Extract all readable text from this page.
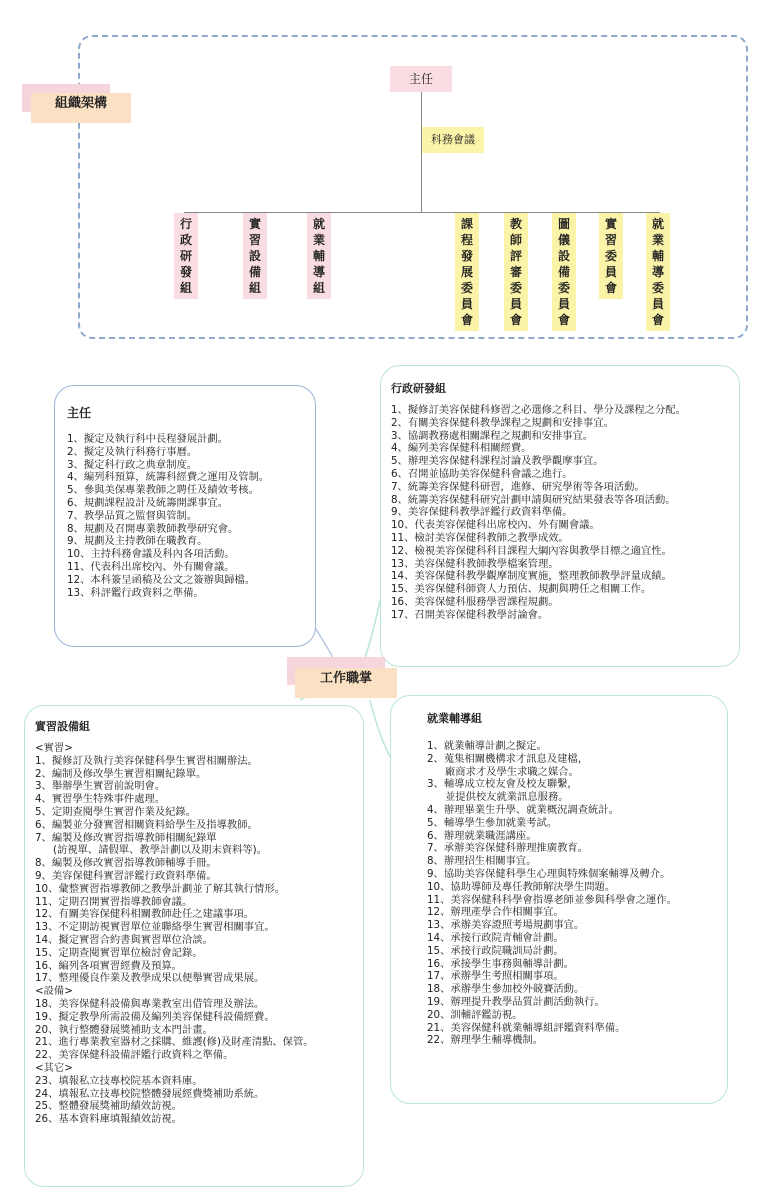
組織架構
主任
科務會議
行
政
研
發
組
實
習
設
備
組
就
業
輔
導
組
課
程
發
展
委
員
會
教
師
評
審
委
員
會
圖
儀
設
備
委
員
會
實
習
委
員
會
就
業
輔
導
委
員
會
主任
1、擬定及執行科中長程發展計劃。
2、擬定及執行科務行事曆。
3、擬定科行政之典章制度。
4、編列科預算，統籌科經費之運用及管制。
5、參與美保專業教師之聘任及績效考核。
6、規劃課程設計及統籌開課事宜。
7、教學品質之監督與管制。
8、規劃及召開專業教師教學研究會。
9、規劃及主持教師在職教育。
10、主持科務會議及科內各項活動。
11、代表科出席校內、外有關會議。
12、本科簽呈函稿及公文之簽辦與歸檔。
13、科評鑑行政資料之準備。
行政研發組
1、擬修訂美容保健科修習之必選修之科目、學分及課程之分配。
2、有關美容保健科教學課程之規劃和安排事宜。
3、協調教務處相關課程之規劃和安排事宜。
4、編列美容保健科相關經費。
5、辦理美容保健科課程討論及教學觀摩事宜。
6、召開並協助美容保健科會議之進行。
7、統籌美容保健科研習，進修、研究學術等各項活動。
8、統籌美容保健科研究計劃申請與研究結果發表等各項活動。
9、美容保健科教學評鑑行政資料準備。
10、代表美容保健科出席校內、外有關會議。
11、檢討美容保健科教師之教學成效。
12、檢視美容保健科科目課程大綱內容與教學目標之適宜性。
13、美容保健科教師教學檔案管理。
14、美容保健科教學觀摩制度實施，整理教師教學評量成績。
15、美容保健科師資人力預估、規劃與聘任之相關工作。
16、美容保健科服務學習課程規劃。
17、召開美容保健科教學討論會。
工作職掌
實習設備組
<實習>
1、擬修訂及執行美容保健科學生實習相關辦法。
2、編制及修改學生實習相關紀錄單。
3、舉辦學生實習前說明會。
4、實習學生特殊事件處理。
5、定期查閱學生實習作業及紀錄。
6、編製並分發實習相關資料給學生及指導教師。
7、編製及修改實習指導教師相關紀錄單
(訪視單、請假單、教學計劃以及期末資料等)。
8、編製及修改實習指導教師輔導手冊。
9、美容保健科實習評鑑行政資料準備。
10、彙整實習指導教師之教學計劃並了解其執行情形。
11、定期召開實習指導教師會議。
12、有關美容保健科相關教師赴任之建議事項。
13、不定期訪視實習單位並聯絡學生實習相關事宜。
14、擬定實習合約書與實習單位洽談。
15、定期查閱實習單位檢討會記錄。
16、編列各項實習經費及預算。
17、整理優良作業及教學成果以便舉實習成果展。
<設備>
18、美容保健科設備與專業教室出借管理及辦法。
19、擬定教學所需設備及編列美容保健科設備經費。
20、執行整體發展獎補助支本門計畫。
21、進行專業教室器材之採購、維護(修)及財產清點、保管。
22、美容保健科設備評鑑行政資料之準備。
<其它>
23、填報私立技專校院基本資料庫。
24、填報私立技專校院整體發展經費獎補助系統。
25、整體發展獎補助績效訪視。
26、基本資料庫填報績效訪視。
就業輔導組
1、就業輔導計劃之擬定。
2、蒐集相關機構求才訊息及建檔，
廠商求才及學生求職之媒合。
3、輔導成立校友會及校友聯繫，
並提供校友就業訊息服務。
4、辦理畢業生升學、就業概況調查統計。
5、輔導學生參加就業考試。
6、辦理就業職涯講座。
7、承辦美容保健科辦理推廣教育。
8、辦理招生相關事宜。
9、協助美容保健科學生心理與特殊個案輔導及轉介。
10、協助導師及專任教師解決學生問題。
11、美容保健科科學會指導老師並參與科學會之運作。
12、辦理產學合作相關事宜。
13、承辦美容證照考場規劃事宜。
14、承接行政院青輔會計劃。
15、承接行政院職訓局計劃。
16、承接學生事務與輔導計劃。
17、承辦學生考照相關事項。
18、承辦學生參加校外競賽活動。
19、辦理提升教學品質計劃活動執行。
20、訓輔評鑑訪視。
21、美容保健科就業輔導組評鑑資料準備。
22、辦理學生輔導機制。
